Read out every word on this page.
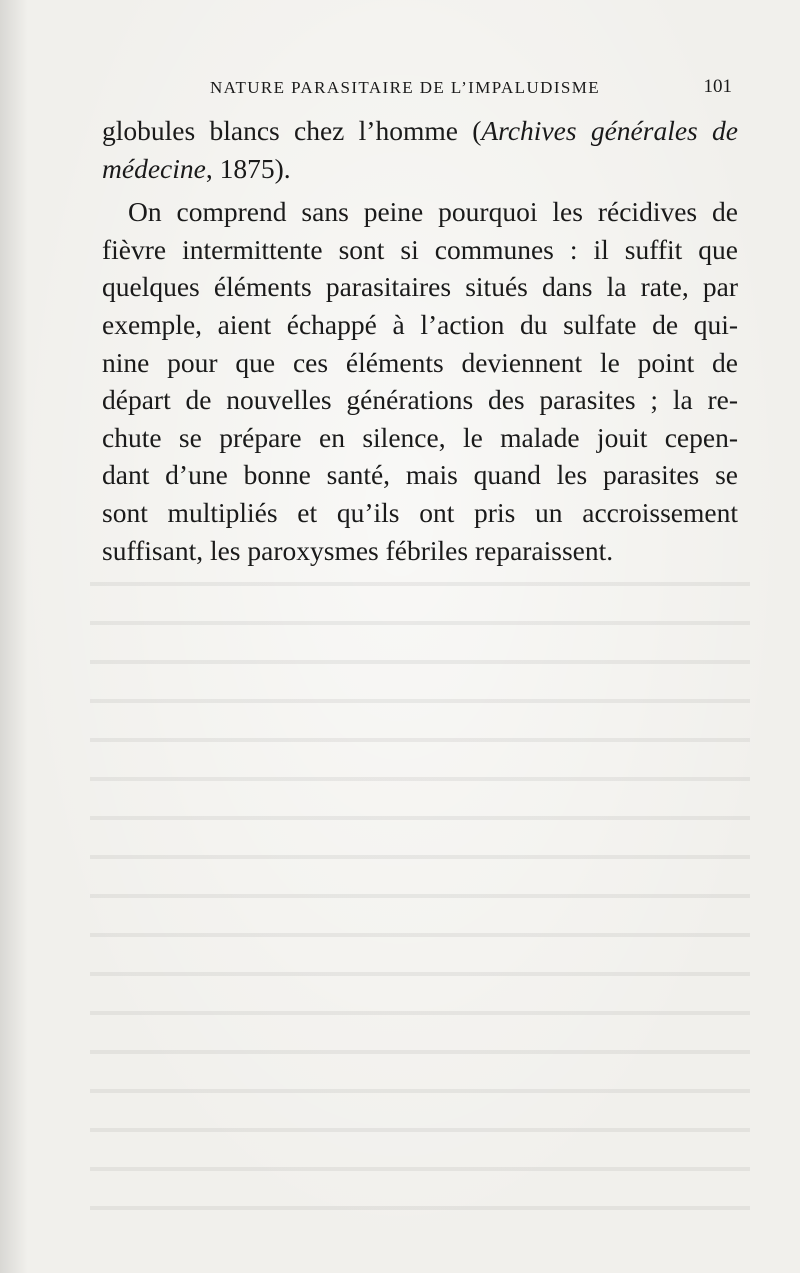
NATURE PARASITAIRE DE L’IMPALUDISME	101
globules blancs chez l’homme (Archives générales de
médecine, 1875).
On comprend sans peine pourquoi les récidives de
fièvre intermittente sont si communes : il suffit que
quelques éléments parasitaires situés dans la rate, par
exemple, aient échappé à l’action du sulfate de qui-
nine pour que ces éléments deviennent le point de
départ de nouvelles générations des parasites ; la re-
chute se prépare en silence, le malade jouit cepen-
dant d’une bonne santé, mais quand les parasites se
sont multipliés et qu’ils ont pris un accroissement
suffisant, les paroxysmes fébriles reparaissent.
